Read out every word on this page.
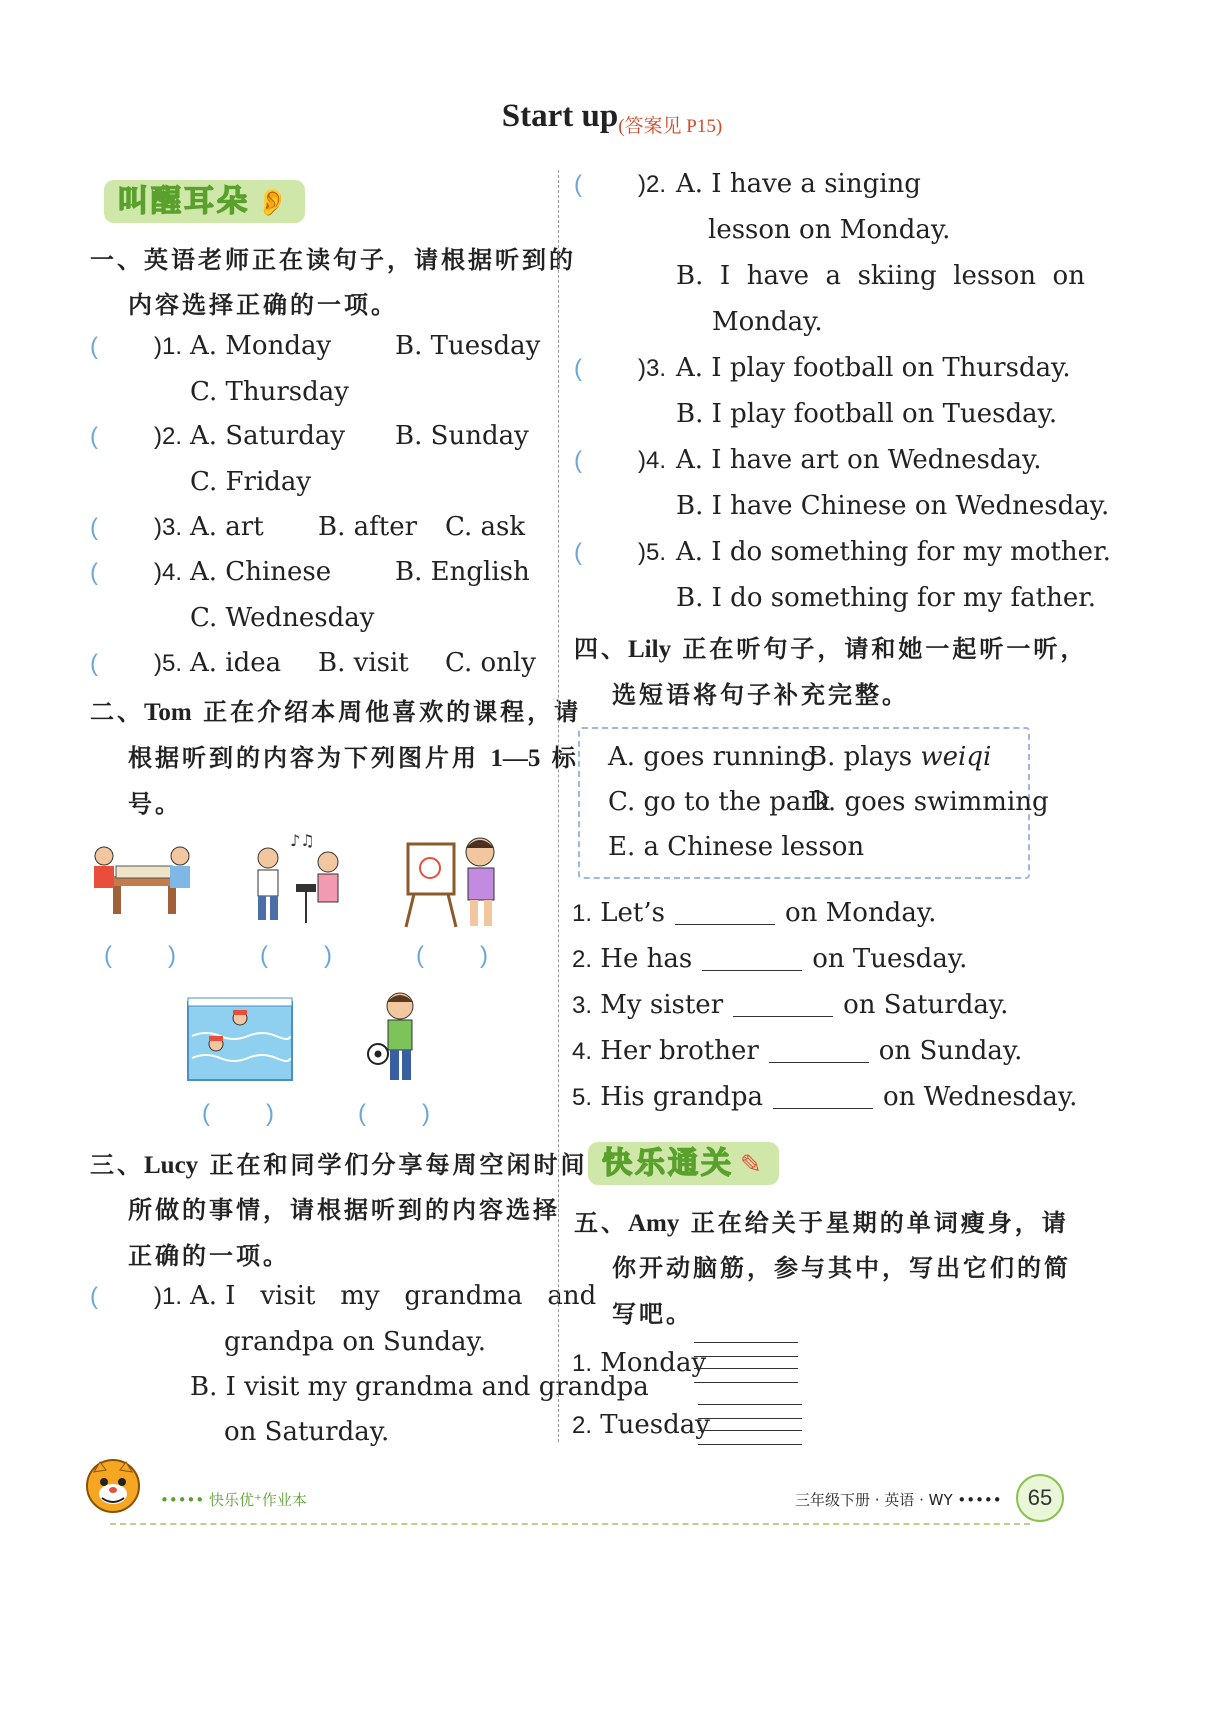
Start up(答案见 P15)
叫醒耳朵 👂
一、英语老师正在读句子，请根据听到的
内容选择正确的一项。
( )1. A. Monday B. Tuesday
C. Thursday
( )2. A. Saturday B. Sunday
C. Friday
( )3. A. art B. after C. ask
( )4. A. Chinese B. English
C. Wednesday
( )5. A. idea B. visit C. only
二、Tom 正在介绍本周他喜欢的课程，请
根据听到的内容为下列图片用 1—5 标
号。
♪♫
( )	( )	( )
( )	( )
三、Lucy 正在和同学们分享每周空闲时间
所做的事情，请根据听到的内容选择
正确的一项。
( )1. A. I   visit   my   grandma   and
grandpa on Sunday.
B. I visit my grandma and grandpa
on Saturday.
( )2. A. I have a singing
lesson on Monday.
B.  I  have  a  skiing  lesson  on
Monday.
( )3. A. I play football on Thursday.
B. I play football on Tuesday.
( )4. A. I have art on Wednesday.
B. I have Chinese on Wednesday.
( )5. A. I do something for my mother.
B. I do something for my father.
四、Lily 正在听句子，请和她一起听一听，
选短语将句子补充完整。
A. goes running
B. plays weiqi
C. go to the park
D. goes swimming
E. a Chinese lesson
1. Let’s	on Monday.
2. He has	on Tuesday.
3. My sister	on Saturday.
4. Her brother	on Sunday.
5. His grandpa	on Wednesday.
快乐通关 ✎
五、Amy 正在给关于星期的单词瘦身，请
你开动脑筋，参与其中，写出它们的简
写吧。
1. Monday
2. Tuesday
••••• 快乐优⁺作业本	三年级下册 · 英语 · WY •••••	65
